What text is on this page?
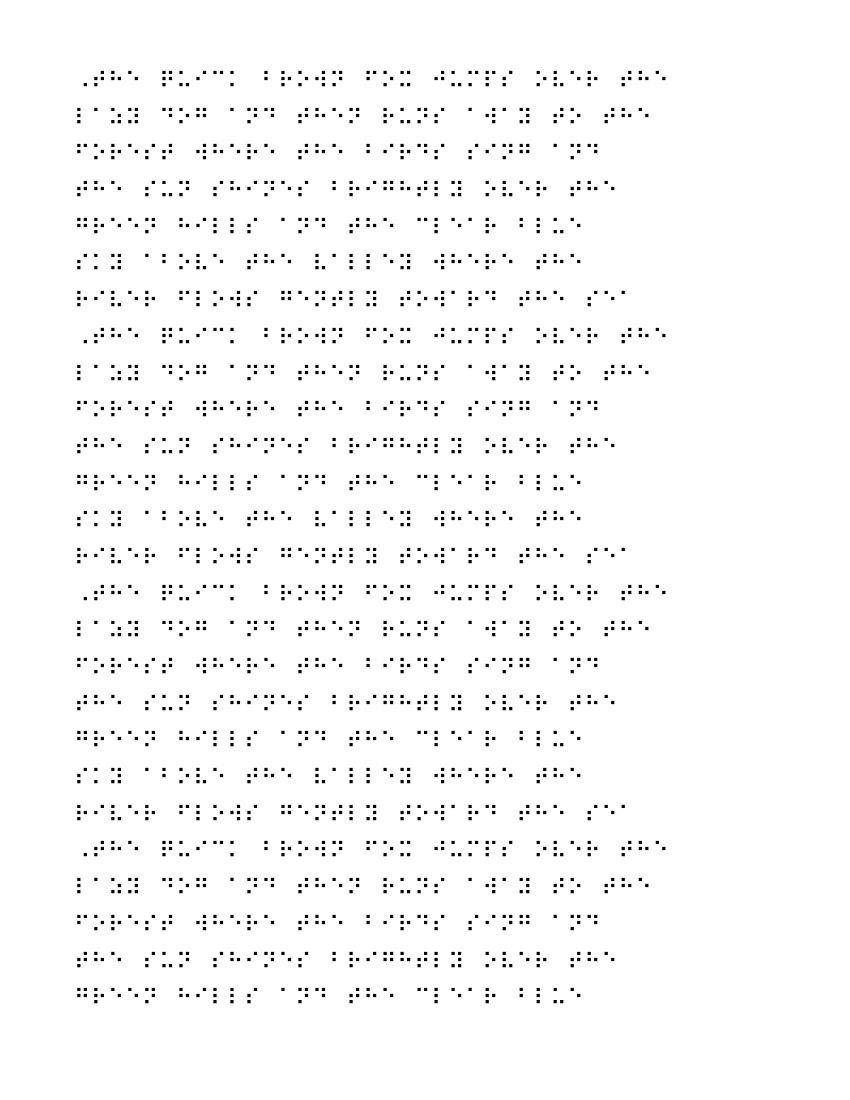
⠠⠞⠓⠑⠀⠟⠥⠊⠉⠅⠀⠃⠗⠕⠺⠝⠀⠋⠕⠭⠀⠚⠥⠍⠏⠎⠀⠕⠧⠑⠗⠀⠞⠓⠑
⠇⠁⠵⠽⠀⠙⠕⠛⠀⠁⠝⠙⠀⠞⠓⠑⠝⠀⠗⠥⠝⠎⠀⠁⠺⠁⠽⠀⠞⠕⠀⠞⠓⠑
⠋⠕⠗⠑⠎⠞⠀⠺⠓⠑⠗⠑⠀⠞⠓⠑⠀⠃⠊⠗⠙⠎⠀⠎⠊⠝⠛⠀⠁⠝⠙
⠞⠓⠑⠀⠎⠥⠝⠀⠎⠓⠊⠝⠑⠎⠀⠃⠗⠊⠛⠓⠞⠇⠽⠀⠕⠧⠑⠗⠀⠞⠓⠑
⠛⠗⠑⠑⠝⠀⠓⠊⠇⠇⠎⠀⠁⠝⠙⠀⠞⠓⠑⠀⠉⠇⠑⠁⠗⠀⠃⠇⠥⠑
⠎⠅⠽⠀⠁⠃⠕⠧⠑⠀⠞⠓⠑⠀⠧⠁⠇⠇⠑⠽⠀⠺⠓⠑⠗⠑⠀⠞⠓⠑
⠗⠊⠧⠑⠗⠀⠋⠇⠕⠺⠎⠀⠛⠑⠝⠞⠇⠽⠀⠞⠕⠺⠁⠗⠙⠀⠞⠓⠑⠀⠎⠑⠁
⠠⠞⠓⠑⠀⠟⠥⠊⠉⠅⠀⠃⠗⠕⠺⠝⠀⠋⠕⠭⠀⠚⠥⠍⠏⠎⠀⠕⠧⠑⠗⠀⠞⠓⠑
⠇⠁⠵⠽⠀⠙⠕⠛⠀⠁⠝⠙⠀⠞⠓⠑⠝⠀⠗⠥⠝⠎⠀⠁⠺⠁⠽⠀⠞⠕⠀⠞⠓⠑
⠋⠕⠗⠑⠎⠞⠀⠺⠓⠑⠗⠑⠀⠞⠓⠑⠀⠃⠊⠗⠙⠎⠀⠎⠊⠝⠛⠀⠁⠝⠙
⠞⠓⠑⠀⠎⠥⠝⠀⠎⠓⠊⠝⠑⠎⠀⠃⠗⠊⠛⠓⠞⠇⠽⠀⠕⠧⠑⠗⠀⠞⠓⠑
⠛⠗⠑⠑⠝⠀⠓⠊⠇⠇⠎⠀⠁⠝⠙⠀⠞⠓⠑⠀⠉⠇⠑⠁⠗⠀⠃⠇⠥⠑
⠎⠅⠽⠀⠁⠃⠕⠧⠑⠀⠞⠓⠑⠀⠧⠁⠇⠇⠑⠽⠀⠺⠓⠑⠗⠑⠀⠞⠓⠑
⠗⠊⠧⠑⠗⠀⠋⠇⠕⠺⠎⠀⠛⠑⠝⠞⠇⠽⠀⠞⠕⠺⠁⠗⠙⠀⠞⠓⠑⠀⠎⠑⠁
⠠⠞⠓⠑⠀⠟⠥⠊⠉⠅⠀⠃⠗⠕⠺⠝⠀⠋⠕⠭⠀⠚⠥⠍⠏⠎⠀⠕⠧⠑⠗⠀⠞⠓⠑
⠇⠁⠵⠽⠀⠙⠕⠛⠀⠁⠝⠙⠀⠞⠓⠑⠝⠀⠗⠥⠝⠎⠀⠁⠺⠁⠽⠀⠞⠕⠀⠞⠓⠑
⠋⠕⠗⠑⠎⠞⠀⠺⠓⠑⠗⠑⠀⠞⠓⠑⠀⠃⠊⠗⠙⠎⠀⠎⠊⠝⠛⠀⠁⠝⠙
⠞⠓⠑⠀⠎⠥⠝⠀⠎⠓⠊⠝⠑⠎⠀⠃⠗⠊⠛⠓⠞⠇⠽⠀⠕⠧⠑⠗⠀⠞⠓⠑
⠛⠗⠑⠑⠝⠀⠓⠊⠇⠇⠎⠀⠁⠝⠙⠀⠞⠓⠑⠀⠉⠇⠑⠁⠗⠀⠃⠇⠥⠑
⠎⠅⠽⠀⠁⠃⠕⠧⠑⠀⠞⠓⠑⠀⠧⠁⠇⠇⠑⠽⠀⠺⠓⠑⠗⠑⠀⠞⠓⠑
⠗⠊⠧⠑⠗⠀⠋⠇⠕⠺⠎⠀⠛⠑⠝⠞⠇⠽⠀⠞⠕⠺⠁⠗⠙⠀⠞⠓⠑⠀⠎⠑⠁
⠠⠞⠓⠑⠀⠟⠥⠊⠉⠅⠀⠃⠗⠕⠺⠝⠀⠋⠕⠭⠀⠚⠥⠍⠏⠎⠀⠕⠧⠑⠗⠀⠞⠓⠑
⠇⠁⠵⠽⠀⠙⠕⠛⠀⠁⠝⠙⠀⠞⠓⠑⠝⠀⠗⠥⠝⠎⠀⠁⠺⠁⠽⠀⠞⠕⠀⠞⠓⠑
⠋⠕⠗⠑⠎⠞⠀⠺⠓⠑⠗⠑⠀⠞⠓⠑⠀⠃⠊⠗⠙⠎⠀⠎⠊⠝⠛⠀⠁⠝⠙
⠞⠓⠑⠀⠎⠥⠝⠀⠎⠓⠊⠝⠑⠎⠀⠃⠗⠊⠛⠓⠞⠇⠽⠀⠕⠧⠑⠗⠀⠞⠓⠑
⠛⠗⠑⠑⠝⠀⠓⠊⠇⠇⠎⠀⠁⠝⠙⠀⠞⠓⠑⠀⠉⠇⠑⠁⠗⠀⠃⠇⠥⠑
